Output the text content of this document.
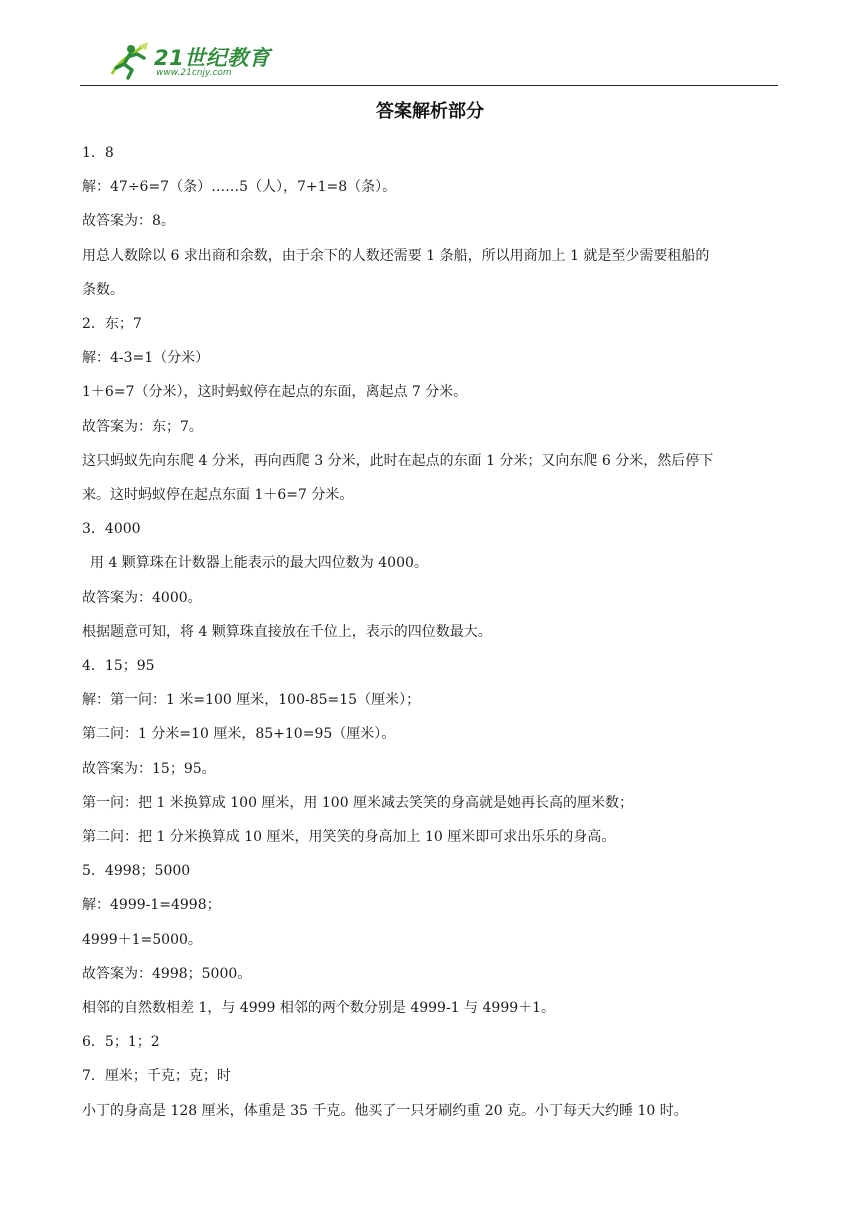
21世纪教育
www.21cnjy.com
答案解析部分
1．8
解：47÷6=7（条）……5（人），7+1=8（条）。
故答案为：8。
用总人数除以 6 求出商和余数，由于余下的人数还需要 1 条船，所以用商加上 1 就是至少需要租船的
条数。
2．东；7
解：4-3=1（分米）
1＋6=7（分米），这时蚂蚁停在起点的东面，离起点 7 分米。
故答案为：东；7。
这只蚂蚁先向东爬 4 分米，再向西爬 3 分米，此时在起点的东面 1 分米；又向东爬 6 分米，然后停下
来。这时蚂蚁停在起点东面 1＋6=7 分米。
3．4000
用 4 颗算珠在计数器上能表示的最大四位数为 4000。
故答案为：4000。
根据题意可知，将 4 颗算珠直接放在千位上，表示的四位数最大。
4．15；95
解：第一问：1 米=100 厘米，100-85=15（厘米）；
第二问：1 分米=10 厘米，85+10=95（厘米）。
故答案为：15；95。
第一问：把 1 米换算成 100 厘米，用 100 厘米减去笑笑的身高就是她再长高的厘米数；
第二问：把 1 分米换算成 10 厘米，用笑笑的身高加上 10 厘米即可求出乐乐的身高。
5．4998；5000
解：4999-1=4998；
4999＋1=5000。
故答案为：4998；5000。
相邻的自然数相差 1，与 4999 相邻的两个数分别是 4999-1 与 4999＋1。
6．5；1；2
7．厘米；千克；克；时
小丁的身高是 128 厘米，体重是 35 千克。他买了一只牙刷约重 20 克。小丁每天大约睡 10 时。
